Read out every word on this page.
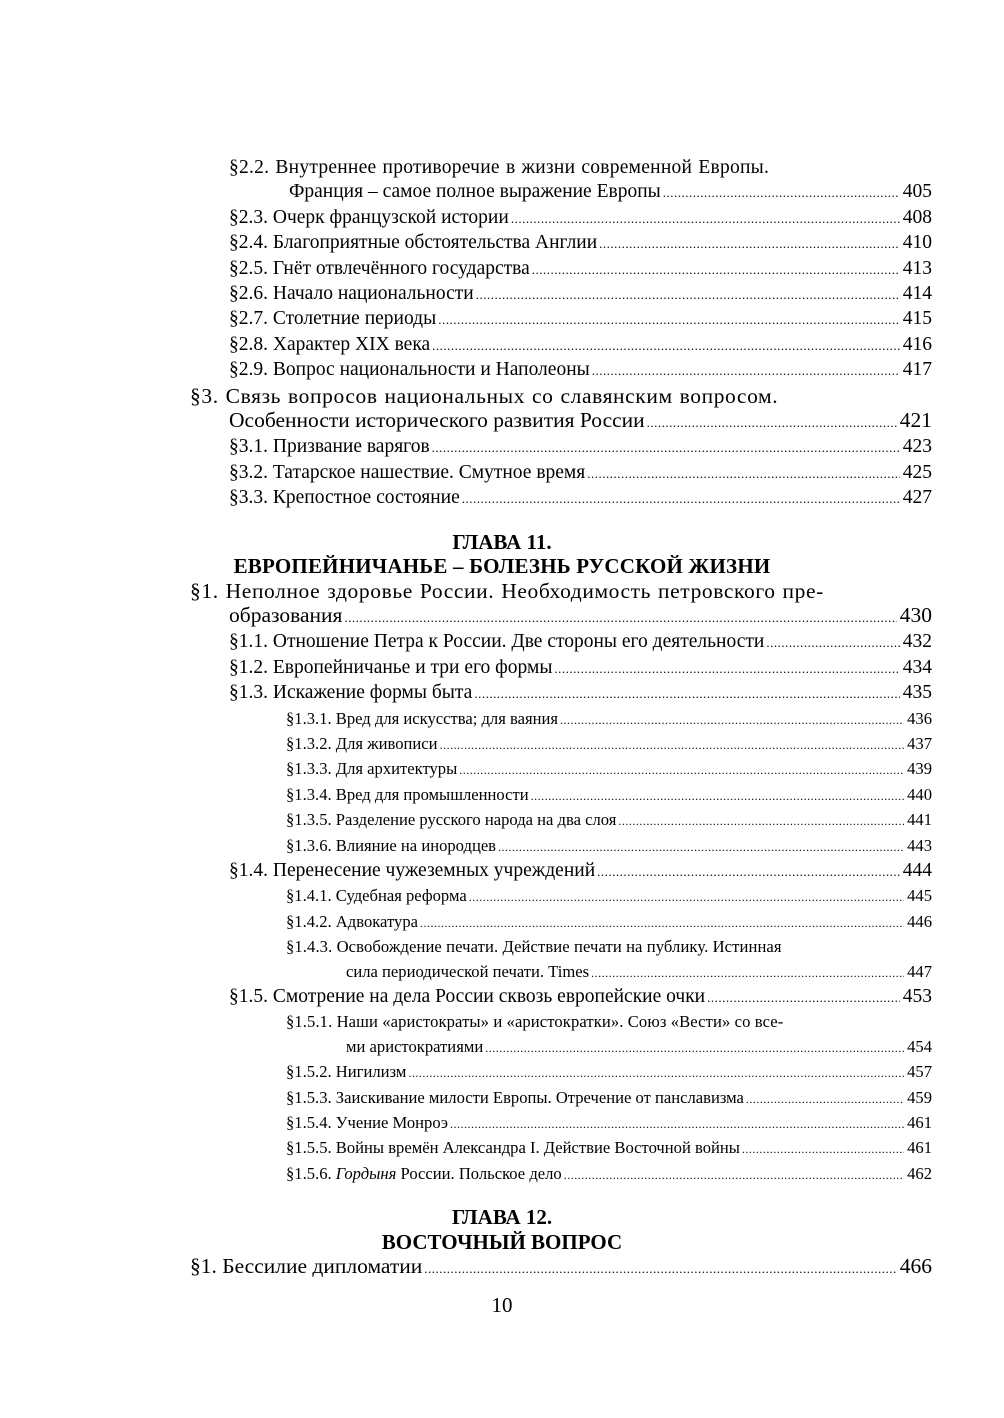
§2.2. Внутреннее противоречие в жизни современной Европы.
Франция – самое полное выражение Европы .....	405
§2.3. Очерк французской истории .....	408
§2.4. Благоприятные обстоятельства Англии .....	410
§2.5. Гнёт отвлечённого государства .....	413
§2.6. Начало национальности .....	414
§2.7. Столетние периоды .....	415
§2.8. Характер XIX века .....	416
§2.9. Вопрос национальности и Наполеоны .....	417
§3. Связь вопросов национальных со славянским вопросом.
Особенности исторического развития России .....	421
§3.1. Призвание варягов .....	423
§3.2. Татарское нашествие. Смутное время .....	425
§3.3. Крепостное состояние .....	427
ГЛАВА 11.
ЕВРОПЕЙНИЧАНЬЕ – БОЛЕЗНЬ РУССКОЙ ЖИЗНИ
§1. Неполное здоровье России. Необходимость петровского пре-
образования .....	430
§1.1. Отношение Петра к России. Две стороны его деятельности .....	432
§1.2. Европейничанье и три его формы .....	434
§1.3. Искажение формы быта .....	435
§1.3.1. Вред для искусства; для ваяния .....	436
§1.3.2. Для живописи .....	437
§1.3.3. Для архитектуры .....	439
§1.3.4. Вред для промышленности .....	440
§1.3.5. Разделение русского народа на два слоя .....	441
§1.3.6. Влияние на инородцев .....	443
§1.4. Перенесение чужеземных учреждений .....	444
§1.4.1. Судебная реформа .....	445
§1.4.2. Адвокатура .....	446
§1.4.3. Освобождение печати. Действие печати на публику. Истинная
сила периодической печати. Times .....	447
§1.5. Смотрение на дела России сквозь европейские очки .....	453
§1.5.1. Наши «аристократы» и «аристократки». Союз «Вести» со все-
ми аристократиями .....	454
§1.5.2. Нигилизм .....	457
§1.5.3. Заискивание милости Европы. Отречение от панславизма .....	459
§1.5.4. Учение Монроэ .....	461
§1.5.5. Войны времён Александра I. Действие Восточной войны .....	461
§1.5.6. Гордыня России. Польское дело .....	462
ГЛАВА 12.
ВОСТОЧНЫЙ ВОПРОС
§1. Бессилие дипломатии .....	466
10
